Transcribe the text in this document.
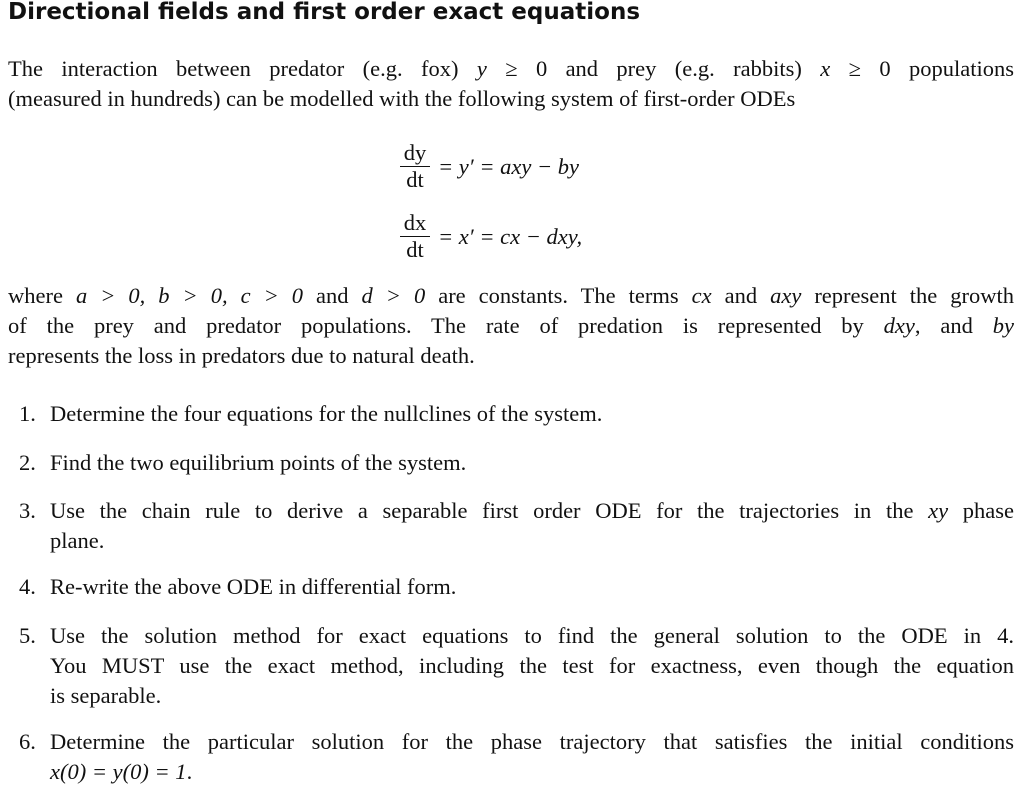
Directional fields and first order exact equations
The interaction between predator (e.g. fox) y ≥ 0 and prey (e.g. rabbits) x ≥ 0 populations
(measured in hundreds) can be modelled with the following system of first-order ODEs
$\frac{dy}{dt} = y'$ = axy − by
$\frac{dx}{dt} = x'$ = cx − dxy,
where a > 0, b > 0, c > 0 and d > 0 are constants. The terms cx and axy represent the growth
of the prey and predator populations. The rate of predation is represented by dxy, and by
represents the loss in predators due to natural death.
1. Determine the four equations for the nullclines of the system.
2. Find the two equilibrium points of the system.
3. Use the chain rule to derive a separable first order ODE for the trajectories in the xy phase
plane.
4. Re-write the above ODE in differential form.
5. Use the solution method for exact equations to find the general solution to the ODE in 4.
You MUST use the exact method, including the test for exactness, even though the equation
is separable.
6. Determine the particular solution for the phase trajectory that satisfies the initial conditions
x(0) = y(0) = 1.
